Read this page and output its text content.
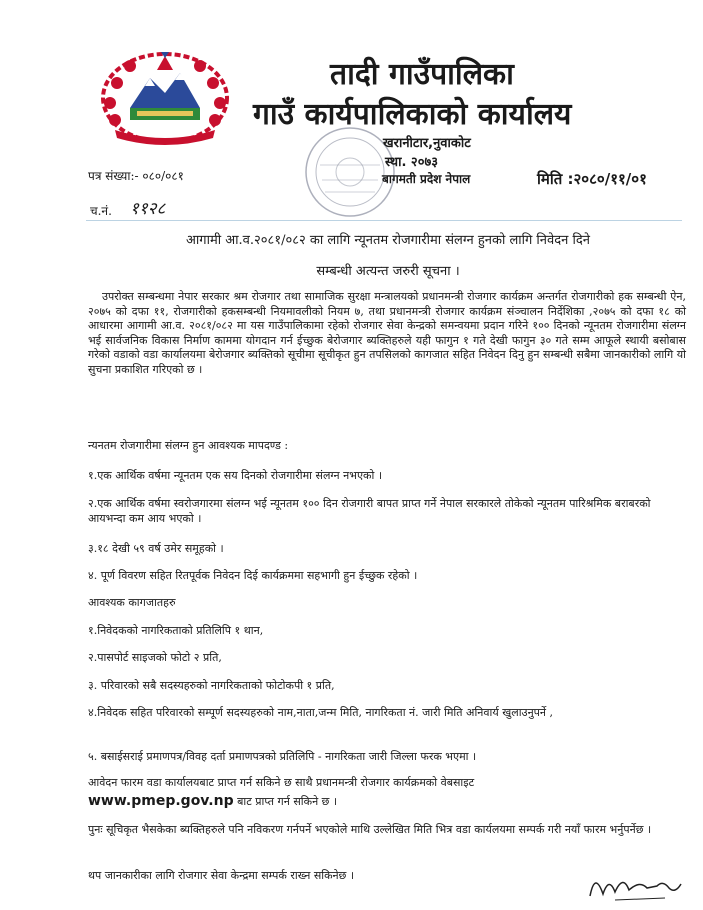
तादी गाउँपालिका
गाउँ कार्यपालिकाको कार्यालय
खरानीटार,नुवाकोट
स्था. २०७३
बागमती प्रदेश नेपाल
पत्र संख्या:- ०८०/०८१	मिति :२०८०/११/०१
च.नं. ११२८
आगामी आ.व.२०८१/०८२ का लागि न्यूनतम रोजगारीमा संलग्न हुनको लागि निवेदन दिने
सम्बन्धी अत्यन्त जरुरी सूचना ।
उपरोक्त सम्बन्धमा नेपार सरकार श्रम रोजगार तथा सामाजिक सुरक्षा मन्त्रालयको प्रधानमन्त्री रोजगार कार्यक्रम अन्तर्गत रोजगारीको हक सम्बन्धी ऐन, २०७५ को दफा ११, रोजगारीको हकसम्बन्धी नियमावलीको नियम ७, तथा प्रधानमन्त्री रोजगार कार्यक्रम संञ्चालन निर्देशिका ,२०७५ को दफा १८ को आधारमा आगामी आ.व. २०८१/०८२ मा यस गाउँपालिकामा रहेको रोजगार सेवा केन्द्रको समन्वयमा प्रदान गरिने १०० दिनको न्यूनतम रोजगारीमा संलग्न भई सार्वजनिक विकास निर्माण काममा योगदान गर्न ईच्छुक बेरोजगार ब्यक्तिहरुले यही फागुन १ गते देखी फागुन ३० गते सम्म आफूले स्थायी बसोबास गरेको वडाको वडा कार्यालयमा बेरोजगार ब्यक्तिको सूचीमा सूचीकृत हुन तपसिलको कागजात सहित निवेदन दिनु हुन सम्बन्धी सबैमा जानकारीको लागि यो सुचना प्रकाशित गरिएको छ ।
न्यनतम रोजगारीमा संलग्न हुन आवश्यक मापदण्ड :
१.एक आर्थिक वर्षमा न्यूनतम एक सय दिनको रोजगारीमा संलग्न नभएको ।
२.एक आर्थिक वर्षमा स्वरोजगारमा संलग्न भई न्यूनतम १०० दिन रोजगारी बापत प्राप्त गर्ने नेपाल सरकारले तोकेको न्यूनतम पारिश्रमिक बराबरको आयभन्दा कम आय भएको ।
३.१८ देखी ५९ वर्ष उमेर समूहको ।
४. पूर्ण विवरण सहित रितपूर्वक निवेदन दिई कार्यक्रममा सहभागी हुन ईच्छुक रहेको ।
आवश्यक कागजातहरु
१.निवेदकको नागरिकताको प्रतिलिपि १ थान,
२.पासपोर्ट साइजको फोटो २ प्रति,
३. परिवारको सबै सदस्यहरुको नागरिकताको फोटोकपी १ प्रति,
४.निवेदक सहित परिवारको सम्पूर्ण सदस्यहरुको नाम,नाता,जन्म मिति, नागरिकता नं. जारी मिति अनिवार्य खुलाउनुपर्ने ,
५. बसाईसराई प्रमाणपत्र/विवह दर्ता प्रमाणपत्रको प्रतिलिपि - नागरिकता जारी जिल्ला फरक भएमा ।
आवेदन फारम वडा कार्यालयबाट प्राप्त गर्न सकिने छ साथै प्रधानमन्त्री रोजगार कार्यक्रमको वेबसाइट
www.pmep.gov.np बाट प्राप्त गर्न सकिने छ ।
पुनः सूचिकृत भैसकेका ब्यक्तिहरुले पनि नविकरण गर्नपर्ने भएकोले माथि उल्लेखित मिति भित्र वडा कार्यलयमा सम्पर्क गरी नयाँ फारम भर्नुपर्नेछ ।
थप जानकारीका लागि रोजगार सेवा केन्द्रमा सम्पर्क राख्न सकिनेछ ।
